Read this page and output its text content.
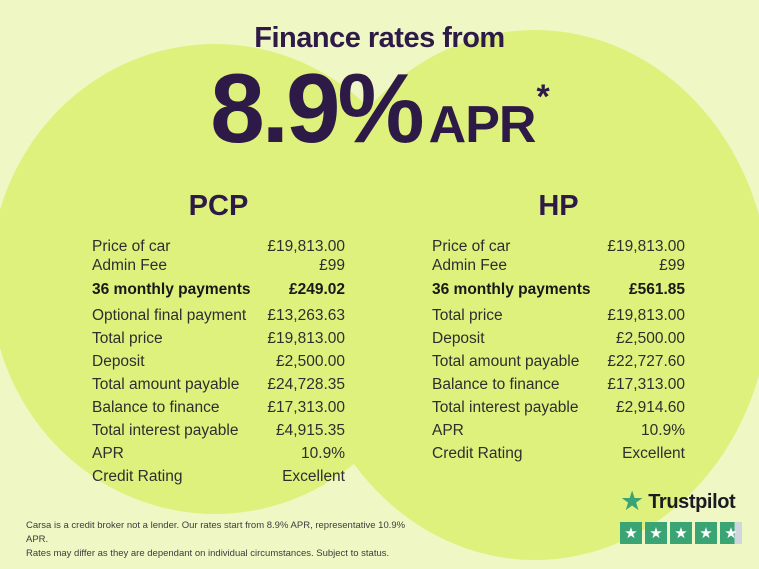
Finance rates from
8.9% APR *
PCP
Price of car	£19,813.00
Admin Fee	£99
36 monthly payments £249.02
Optional final payment £13,263.63
Total price	£19,813.00
Deposit	£2,500.00
Total amount payable £24,728.35
Balance to finance	£17,313.00
Total interest payable £4,915.35
APR	10.9%
Credit Rating	Excellent
HP
Price of car	£19,813.00
Admin Fee	£99
36 monthly payments £561.85
Total price	£19,813.00
Deposit	£2,500.00
Total amount payable £22,727.60
Balance to finance	£17,313.00
Total interest payable £2,914.60
APR	10.9%
Credit Rating	Excellent

Carsa is a credit broker not a lender. Our rates start from 8.9% APR, representative 10.9% APR.
Rates may differ as they are dependant on individual circumstances. Subject to status.

★ Trustpilot
★ ★ ★ ★ ★
